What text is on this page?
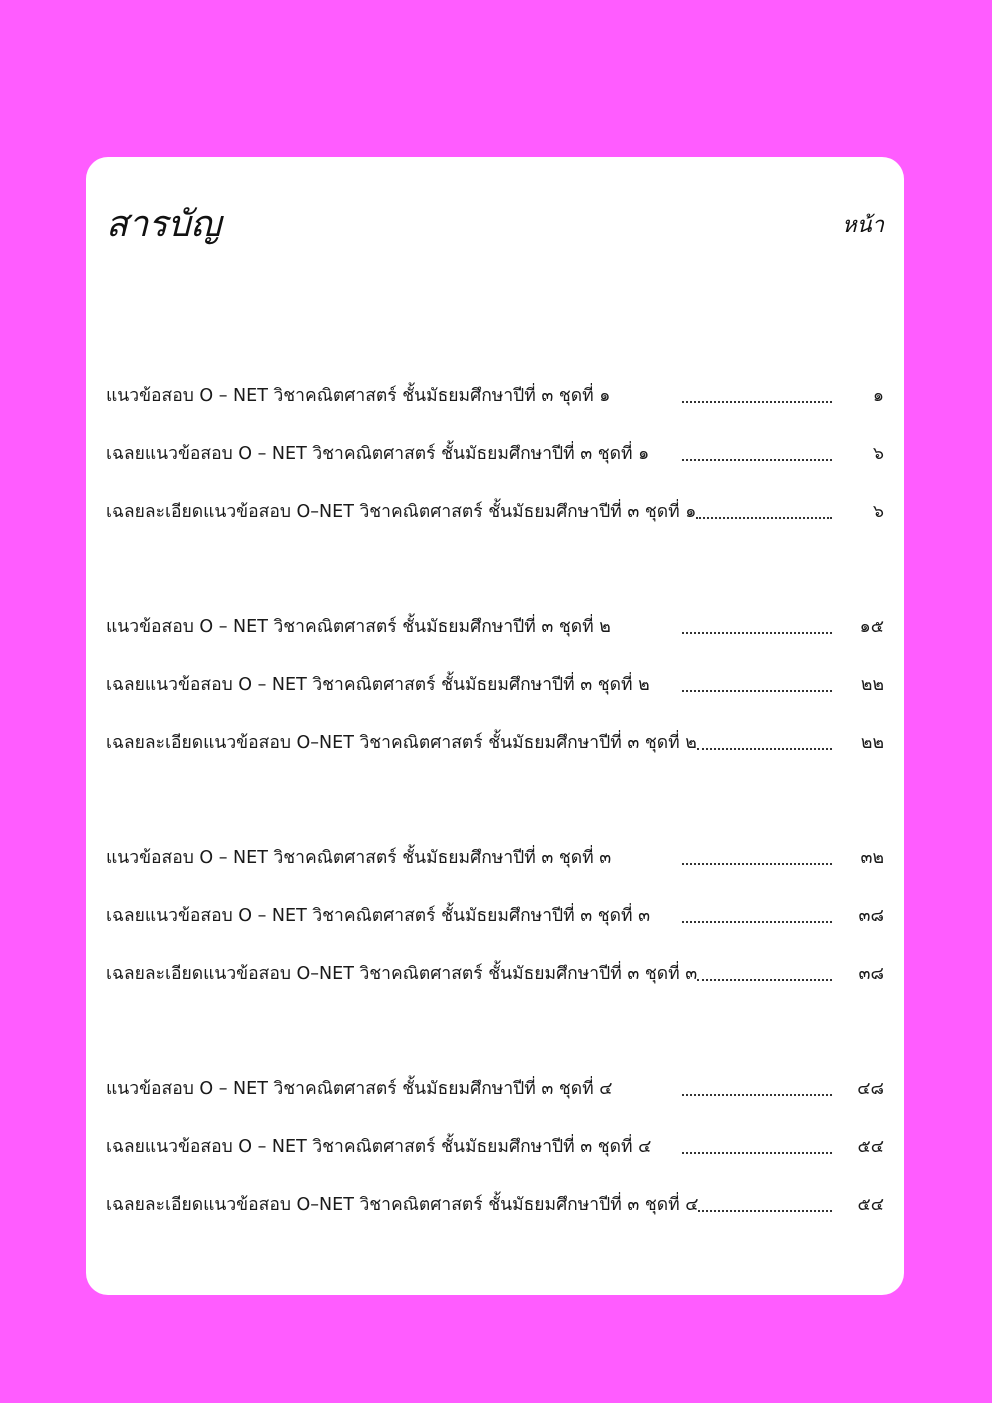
สารบัญ	หน้า
แนวข้อสอบ O – NET วิชาคณิตศาสตร์ ชั้นมัธยมศึกษาปีที่ ๓ ชุดที่ ๑	๑
เฉลยแนวข้อสอบ O – NET วิชาคณิตศาสตร์ ชั้นมัธยมศึกษาปีที่ ๓ ชุดที่ ๑	๖
เฉลยละเอียดแนวข้อสอบ O–NET วิชาคณิตศาสตร์ ชั้นมัธยมศึกษาปีที่ ๓ ชุดที่ ๑	๖
แนวข้อสอบ O – NET วิชาคณิตศาสตร์ ชั้นมัธยมศึกษาปีที่ ๓ ชุดที่ ๒	๑๕
เฉลยแนวข้อสอบ O – NET วิชาคณิตศาสตร์ ชั้นมัธยมศึกษาปีที่ ๓ ชุดที่ ๒	๒๒
เฉลยละเอียดแนวข้อสอบ O–NET วิชาคณิตศาสตร์ ชั้นมัธยมศึกษาปีที่ ๓ ชุดที่ ๒	๒๒
แนวข้อสอบ O – NET วิชาคณิตศาสตร์ ชั้นมัธยมศึกษาปีที่ ๓ ชุดที่ ๓	๓๒
เฉลยแนวข้อสอบ O – NET วิชาคณิตศาสตร์ ชั้นมัธยมศึกษาปีที่ ๓ ชุดที่ ๓	๓๘
เฉลยละเอียดแนวข้อสอบ O–NET วิชาคณิตศาสตร์ ชั้นมัธยมศึกษาปีที่ ๓ ชุดที่ ๓	๓๘
แนวข้อสอบ O – NET วิชาคณิตศาสตร์ ชั้นมัธยมศึกษาปีที่ ๓ ชุดที่ ๔	๔๘
เฉลยแนวข้อสอบ O – NET วิชาคณิตศาสตร์ ชั้นมัธยมศึกษาปีที่ ๓ ชุดที่ ๔	๕๔
เฉลยละเอียดแนวข้อสอบ O–NET วิชาคณิตศาสตร์ ชั้นมัธยมศึกษาปีที่ ๓ ชุดที่ ๔	๕๔
